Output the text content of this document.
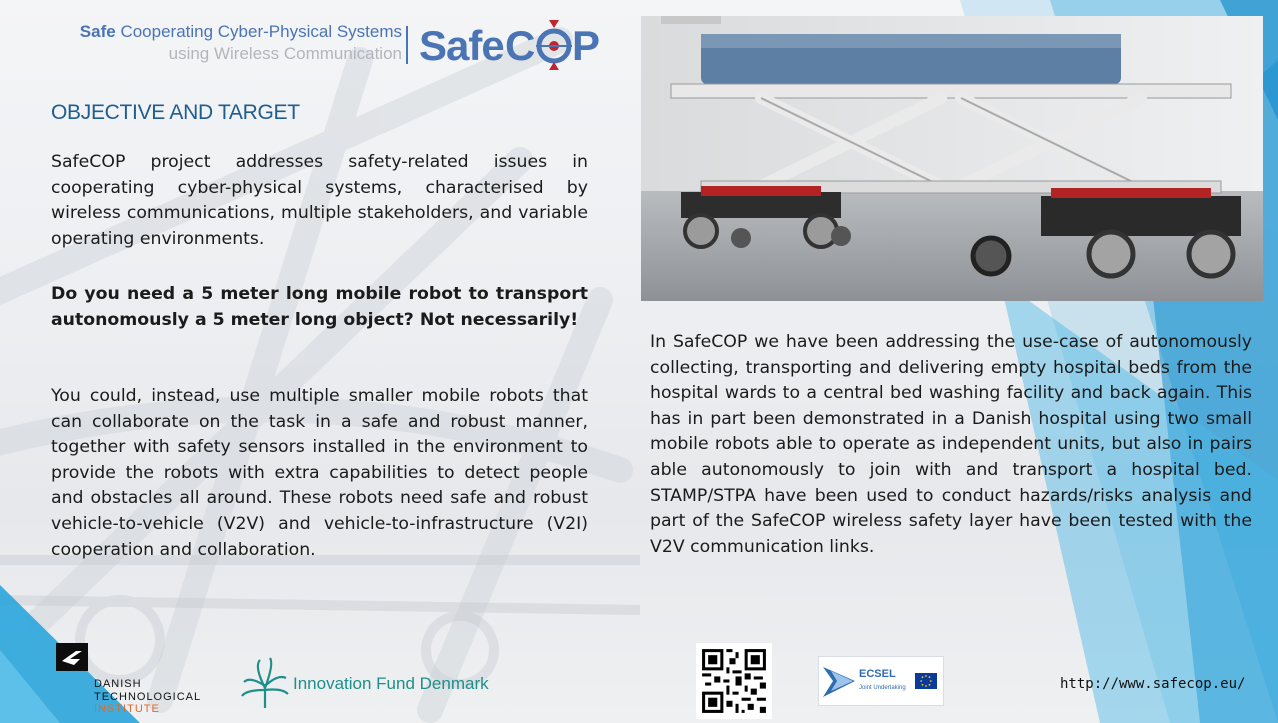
Safe Cooperating Cyber-Physical Systems
using Wireless Communication Safe C P
OBJECTIVE AND TARGET

SafeCOP project addresses safety-related issues in cooperating cyber-physical systems, characterised by wireless communications, multiple stakeholders, and variable operating environments.

Do you need a 5 meter long mobile robot to transport autonomously a 5 meter long object? Not necessarily!

You could, instead, use multiple smaller mobile robots that can collaborate on the task in a safe and robust manner, together with safety sensors installed in the environment to provide the robots with extra capabilities to detect people and obstacles all around. These robots need safe and robust vehicle-to-vehicle (V2V) and vehicle-to-infrastructure (V2I) cooperation and collaboration.

In SafeCOP we have been addressing the use-case of autonomously collecting, transporting and delivering empty hospital beds from the hospital wards to a central bed washing facility and back again. This has in part been demonstrated in a Danish hospital using two small mobile robots able to operate as independent units, but also in pairs able autonomously to join with and transport a hospital bed. STAMP/STPA have been used to conduct hazards/risks analysis and part of the SafeCOP wireless safety layer have been tested with the V2V communication links.

DANISH
TECHNOLOGICAL
INSTITUTE
Innovation Fund Denmark	ECSEL
Joint Undertaking	http://www.safecop.eu/
